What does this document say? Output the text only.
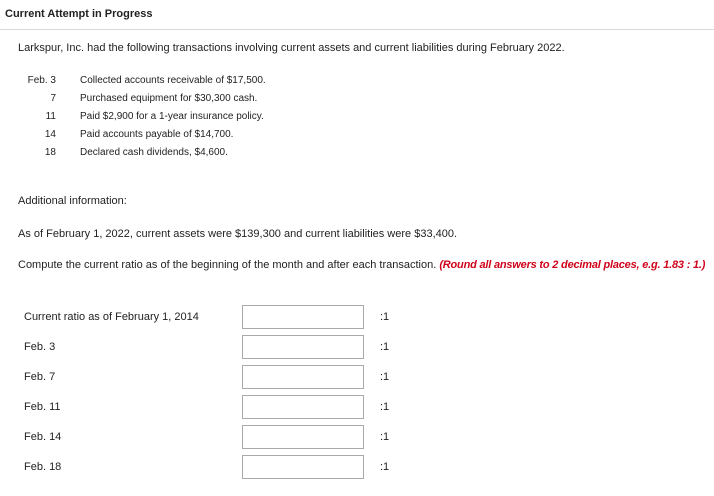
Current Attempt in Progress
Larkspur, Inc. had the following transactions involving current assets and current liabilities during February 2022.
Feb. 3	Collected accounts receivable of $17,500.
7	Purchased equipment for $30,300 cash.
11	Paid $2,900 for a 1-year insurance policy.
14	Paid accounts payable of $14,700.
18	Declared cash dividends, $4,600.
Additional information:
As of February 1, 2022, current assets were $139,300 and current liabilities were $33,400.
Compute the current ratio as of the beginning of the month and after each transaction. (Round all answers to 2 decimal places, e.g. 1.83 : 1.)
Current ratio as of February 1, 2014	:1
Feb. 3	:1
Feb. 7	:1
Feb. 11	:1
Feb. 14	:1
Feb. 18	:1
